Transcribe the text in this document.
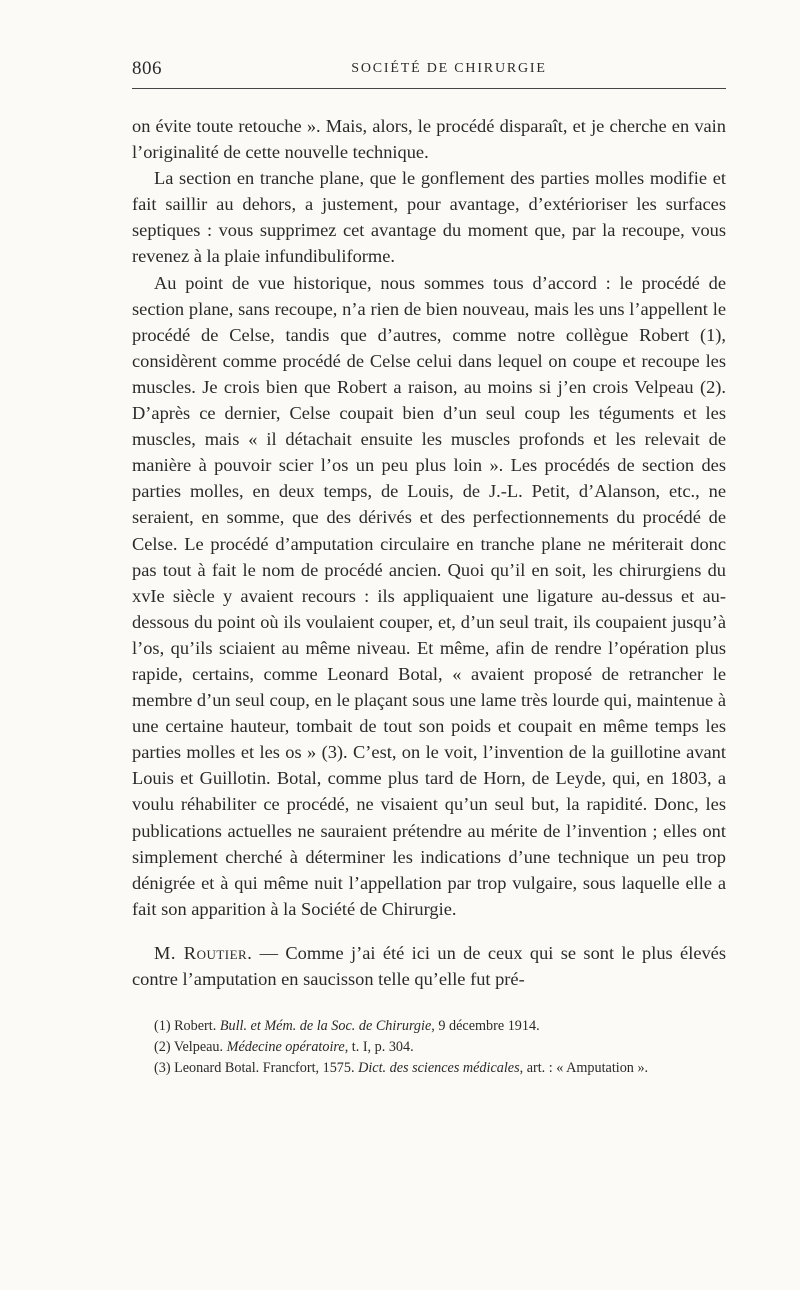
806	SOCIÉTÉ DE CHIRURGIE

on évite toute retouche ». Mais, alors, le procédé disparaît, et je cherche en vain l’originalité de cette nouvelle technique.

La section en tranche plane, que le gonflement des parties molles modifie et fait saillir au dehors, a justement, pour avantage, d’extérioriser les surfaces septiques : vous supprimez cet avantage du moment que, par la recoupe, vous revenez à la plaie infundibuliforme.

Au point de vue historique, nous sommes tous d’accord : le procédé de section plane, sans recoupe, n’a rien de bien nouveau, mais les uns l’appellent le procédé de Celse, tandis que d’autres, comme notre collègue Robert (1), considèrent comme procédé de Celse celui dans lequel on coupe et recoupe les muscles. Je crois bien que Robert a raison, au moins si j’en crois Velpeau (2). D’après ce dernier, Celse coupait bien d’un seul coup les téguments et les muscles, mais « il détachait ensuite les muscles profonds et les relevait de manière à pouvoir scier l’os un peu plus loin ». Les procédés de section des parties molles, en deux temps, de Louis, de J.-L. Petit, d’Alanson, etc., ne seraient, en somme, que des dérivés et des perfectionnements du procédé de Celse. Le procédé d’amputation circulaire en tranche plane ne mériterait donc pas tout à fait le nom de procédé ancien. Quoi qu’il en soit, les chirurgiens du xvIe siècle y avaient recours : ils appliquaient une ligature au-dessus et au-dessous du point où ils voulaient couper, et, d’un seul trait, ils coupaient jusqu’à l’os, qu’ils sciaient au même niveau. Et même, afin de rendre l’opération plus rapide, certains, comme Leonard Botal, « avaient proposé de retrancher le membre d’un seul coup, en le plaçant sous une lame très lourde qui, maintenue à une certaine hauteur, tombait de tout son poids et coupait en même temps les parties molles et les os » (3). C’est, on le voit, l’invention de la guillotine avant Louis et Guillotin. Botal, comme plus tard de Horn, de Leyde, qui, en 1803, a voulu réhabiliter ce procédé, ne visaient qu’un seul but, la rapidité. Donc, les publications actuelles ne sauraient prétendre au mérite de l’invention ; elles ont simplement cherché à déterminer les indications d’une technique un peu trop dénigrée et à qui même nuit l’appellation par trop vulgaire, sous laquelle elle a fait son apparition à la Société de Chirurgie.

M. Routier. — Comme j’ai été ici un de ceux qui se sont le plus élevés contre l’amputation en saucisson telle qu’elle fut pré-

(1) Robert. Bull. et Mém. de la Soc. de Chirurgie, 9 décembre 1914.

(2) Velpeau. Médecine opératoire, t. I, p. 304.

(3) Leonard Botal. Francfort, 1575. Dict. des sciences médicales, art. : « Amputation ».
